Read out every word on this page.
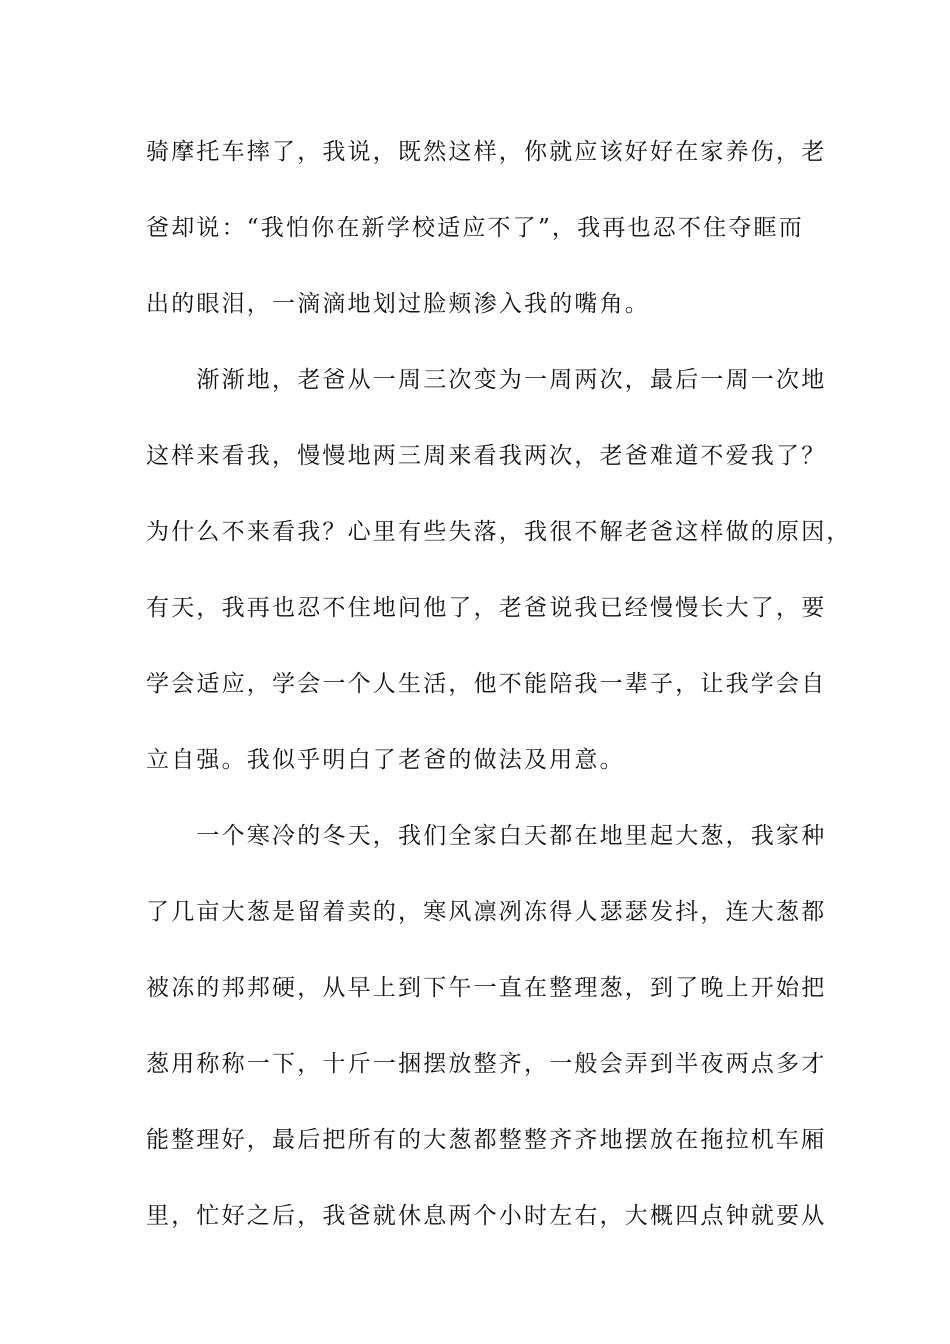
骑摩托车摔了，我说，既然这样，你就应该好好在家养伤，老
爸却说：“我怕你在新学校适应不了”，我再也忍不住夺眶而
出的眼泪，一滴滴地划过脸颊渗入我的嘴角。
　　渐渐地，老爸从一周三次变为一周两次，最后一周一次地
这样来看我，慢慢地两三周来看我两次，老爸难道不爱我了？
为什么不来看我？心里有些失落，我很不解老爸这样做的原因，
有天，我再也忍不住地问他了，老爸说我已经慢慢长大了，要
学会适应，学会一个人生活，他不能陪我一辈子，让我学会自
立自强。我似乎明白了老爸的做法及用意。
　　一个寒冷的冬天，我们全家白天都在地里起大葱，我家种
了几亩大葱是留着卖的，寒风凛冽冻得人瑟瑟发抖，连大葱都
被冻的邦邦硬，从早上到下午一直在整理葱，到了晚上开始把
葱用称称一下，十斤一捆摆放整齐，一般会弄到半夜两点多才
能整理好，最后把所有的大葱都整整齐齐地摆放在拖拉机车厢
里，忙好之后，我爸就休息两个小时左右，大概四点钟就要从
